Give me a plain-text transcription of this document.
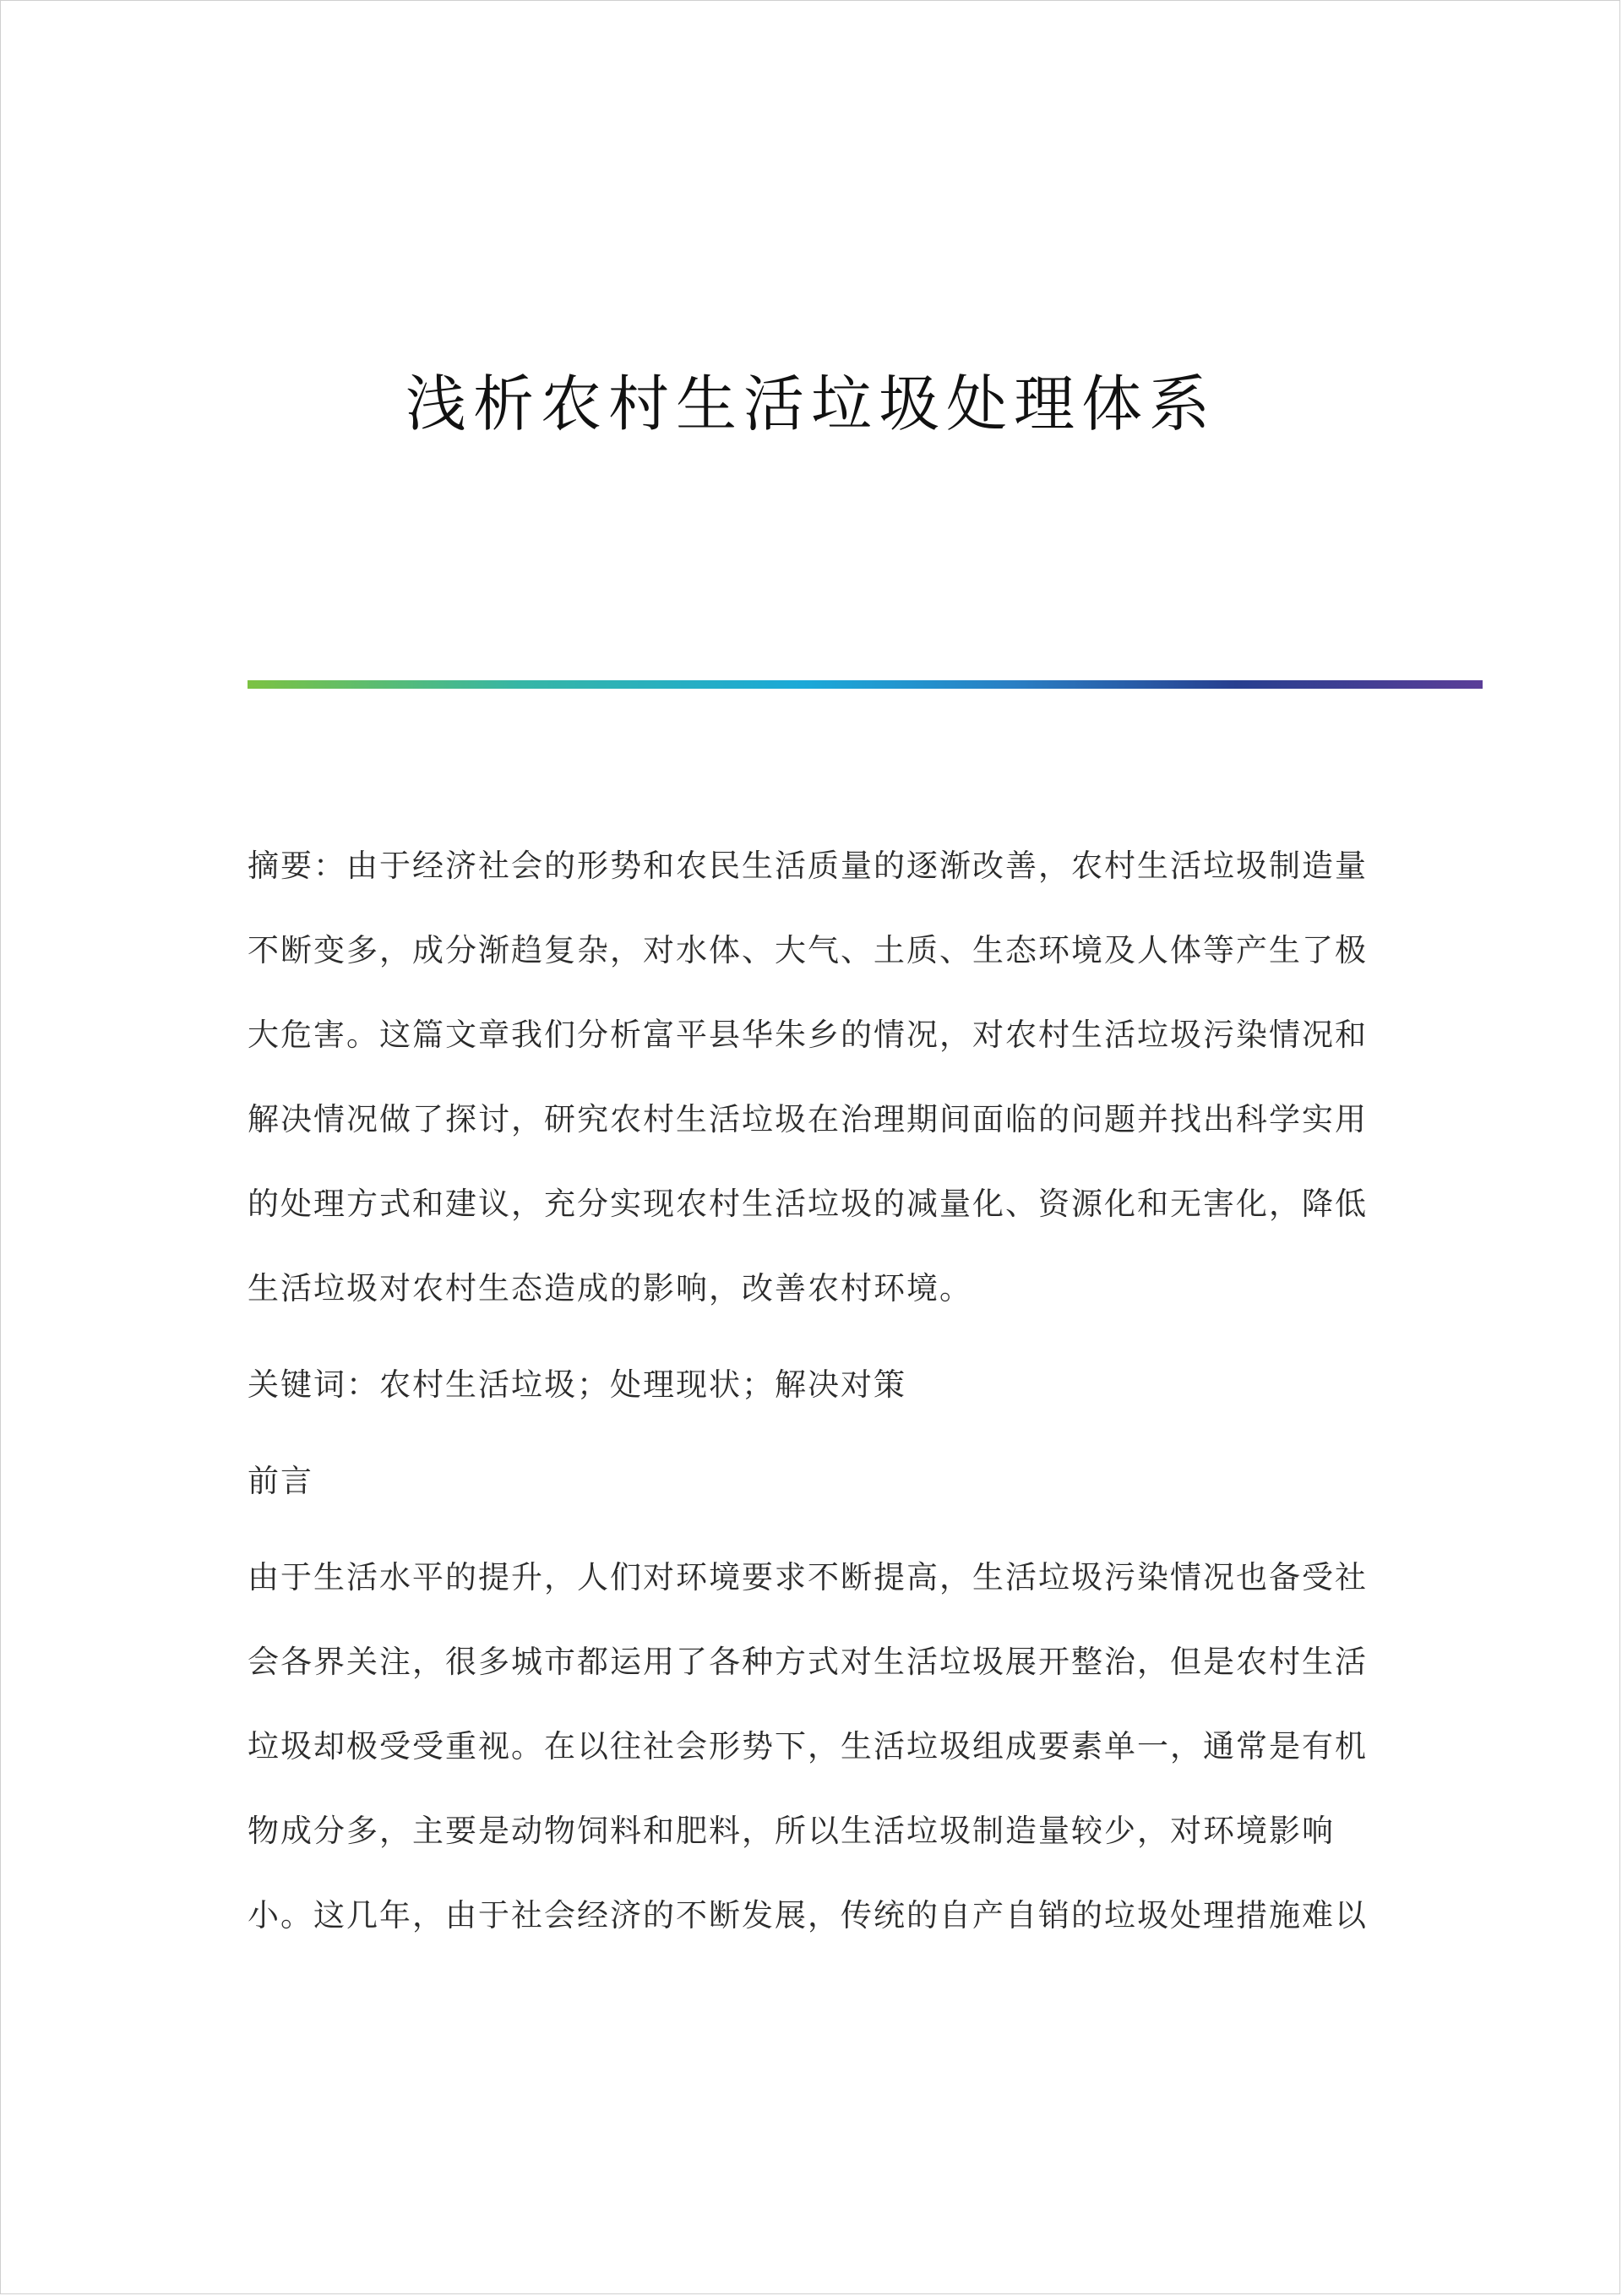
浅析农村生活垃圾处理体系
摘要：由于经济社会的形势和农民生活质量的逐渐改善，农村生活垃圾制造量
不断变多，成分渐趋复杂，对水体、大气、土质、生态环境及人体等产生了极
大危害。这篇文章我们分析富平县华朱乡的情况，对农村生活垃圾污染情况和
解决情况做了探讨，研究农村生活垃圾在治理期间面临的问题并找出科学实用
的处理方式和建议，充分实现农村生活垃圾的减量化、资源化和无害化，降低
生活垃圾对农村生态造成的影响，改善农村环境。
关键词：农村生活垃圾；处理现状；解决对策
前言
由于生活水平的提升，人们对环境要求不断提高，生活垃圾污染情况也备受社
会各界关注，很多城市都运用了各种方式对生活垃圾展开整治，但是农村生活
垃圾却极受受重视。在以往社会形势下，生活垃圾组成要素单一，通常是有机
物成分多，主要是动物饲料和肥料，所以生活垃圾制造量较少，对环境影响
小。这几年，由于社会经济的不断发展，传统的自产自销的垃圾处理措施难以
